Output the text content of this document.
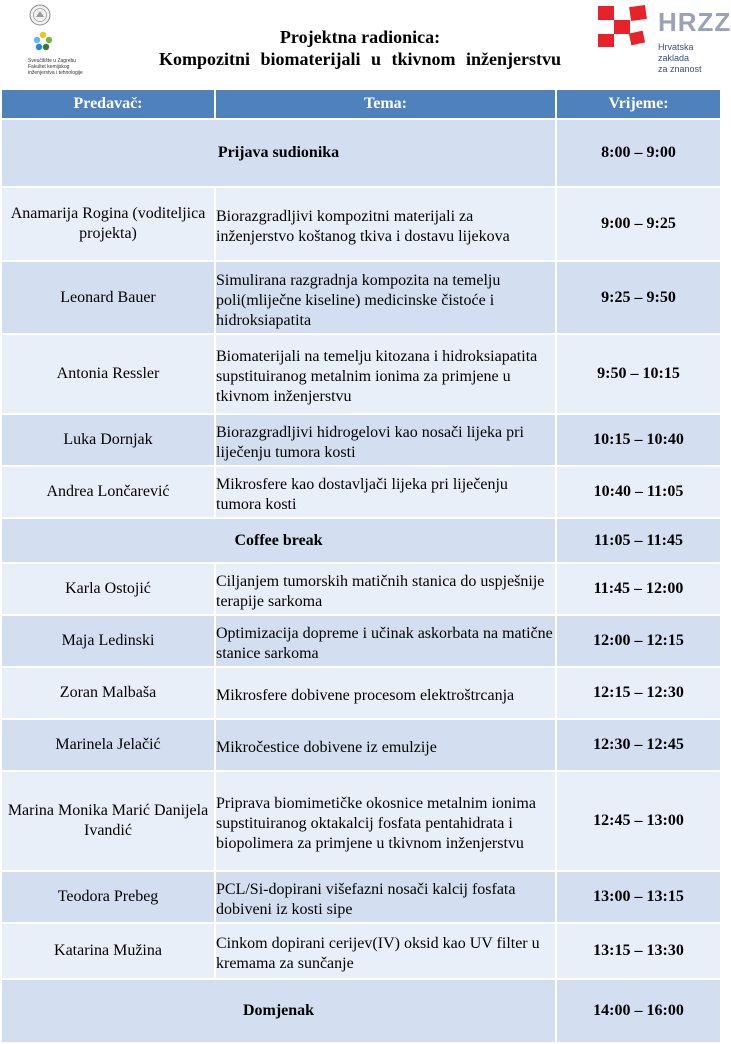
Sveučilište u Zagrebu Fakultet kemijskog inženjerstva i tehnologije
Projektna radionica:
Kompozitni biomaterijali u tkivnom inženjerstvu
HRZZ
Hrvatska zaklada
za znanost
Predavač:	Tema:	Vrijeme:
Prijava sudionika		8:00 – 9:00
Anamarija Rogina (voditeljica projekta)	Biorazgradljivi kompozitni materijali za inženjerstvo koštanog tkiva i dostavu lijekova	9:00 – 9:25
Leonard Bauer	Simulirana razgradnja kompozita na temelju poli(mliječne kiseline) medicinske čistoće i hidroksiapatita	9:25 – 9:50
Antonia Ressler	Biomaterijali na temelju kitozana i hidroksiapatita supstituiranog metalnim ionima za primjene u tkivnom inženjerstvu	9:50 – 10:15
Luka Dornjak	Biorazgradljivi hidrogelovi kao nosači lijeka pri liječenju tumora kosti	10:15 – 10:40
Andrea Lončarević	Mikrosfere kao dostavljači lijeka pri liječenju tumora kosti	10:40 – 11:05
Coffee break		11:05 – 11:45
Karla Ostojić	Ciljanjem tumorskih matičnih stanica do uspješnije terapije sarkoma	11:45 – 12:00
Maja Ledinski	Optimizacija dopreme i učinak askorbata na matične stanice sarkoma	12:00 – 12:15
Zoran Malbaša	Mikrosfere dobivene procesom elektroštrcanja	12:15 – 12:30
Marinela Jelačić	Mikročestice dobivene iz emulzije	12:30 – 12:45
Marina Monika Marić Danijela Ivandić	Priprava biomimetičke okosnice metalnim ionima supstituiranog oktakalcij fosfata pentahidrata i biopolimera za primjene u tkivnom inženjerstvu	12:45 – 13:00
Teodora Prebeg	PCL/Si-dopirani višefazni nosači kalcij fosfata dobiveni iz kosti sipe	13:00 – 13:15
Katarina Mužina	Cinkom dopirani cerijev(IV) oksid kao UV filter u kremama za sunčanje	13:15 – 13:30
Domjenak		14:00 – 16:00
